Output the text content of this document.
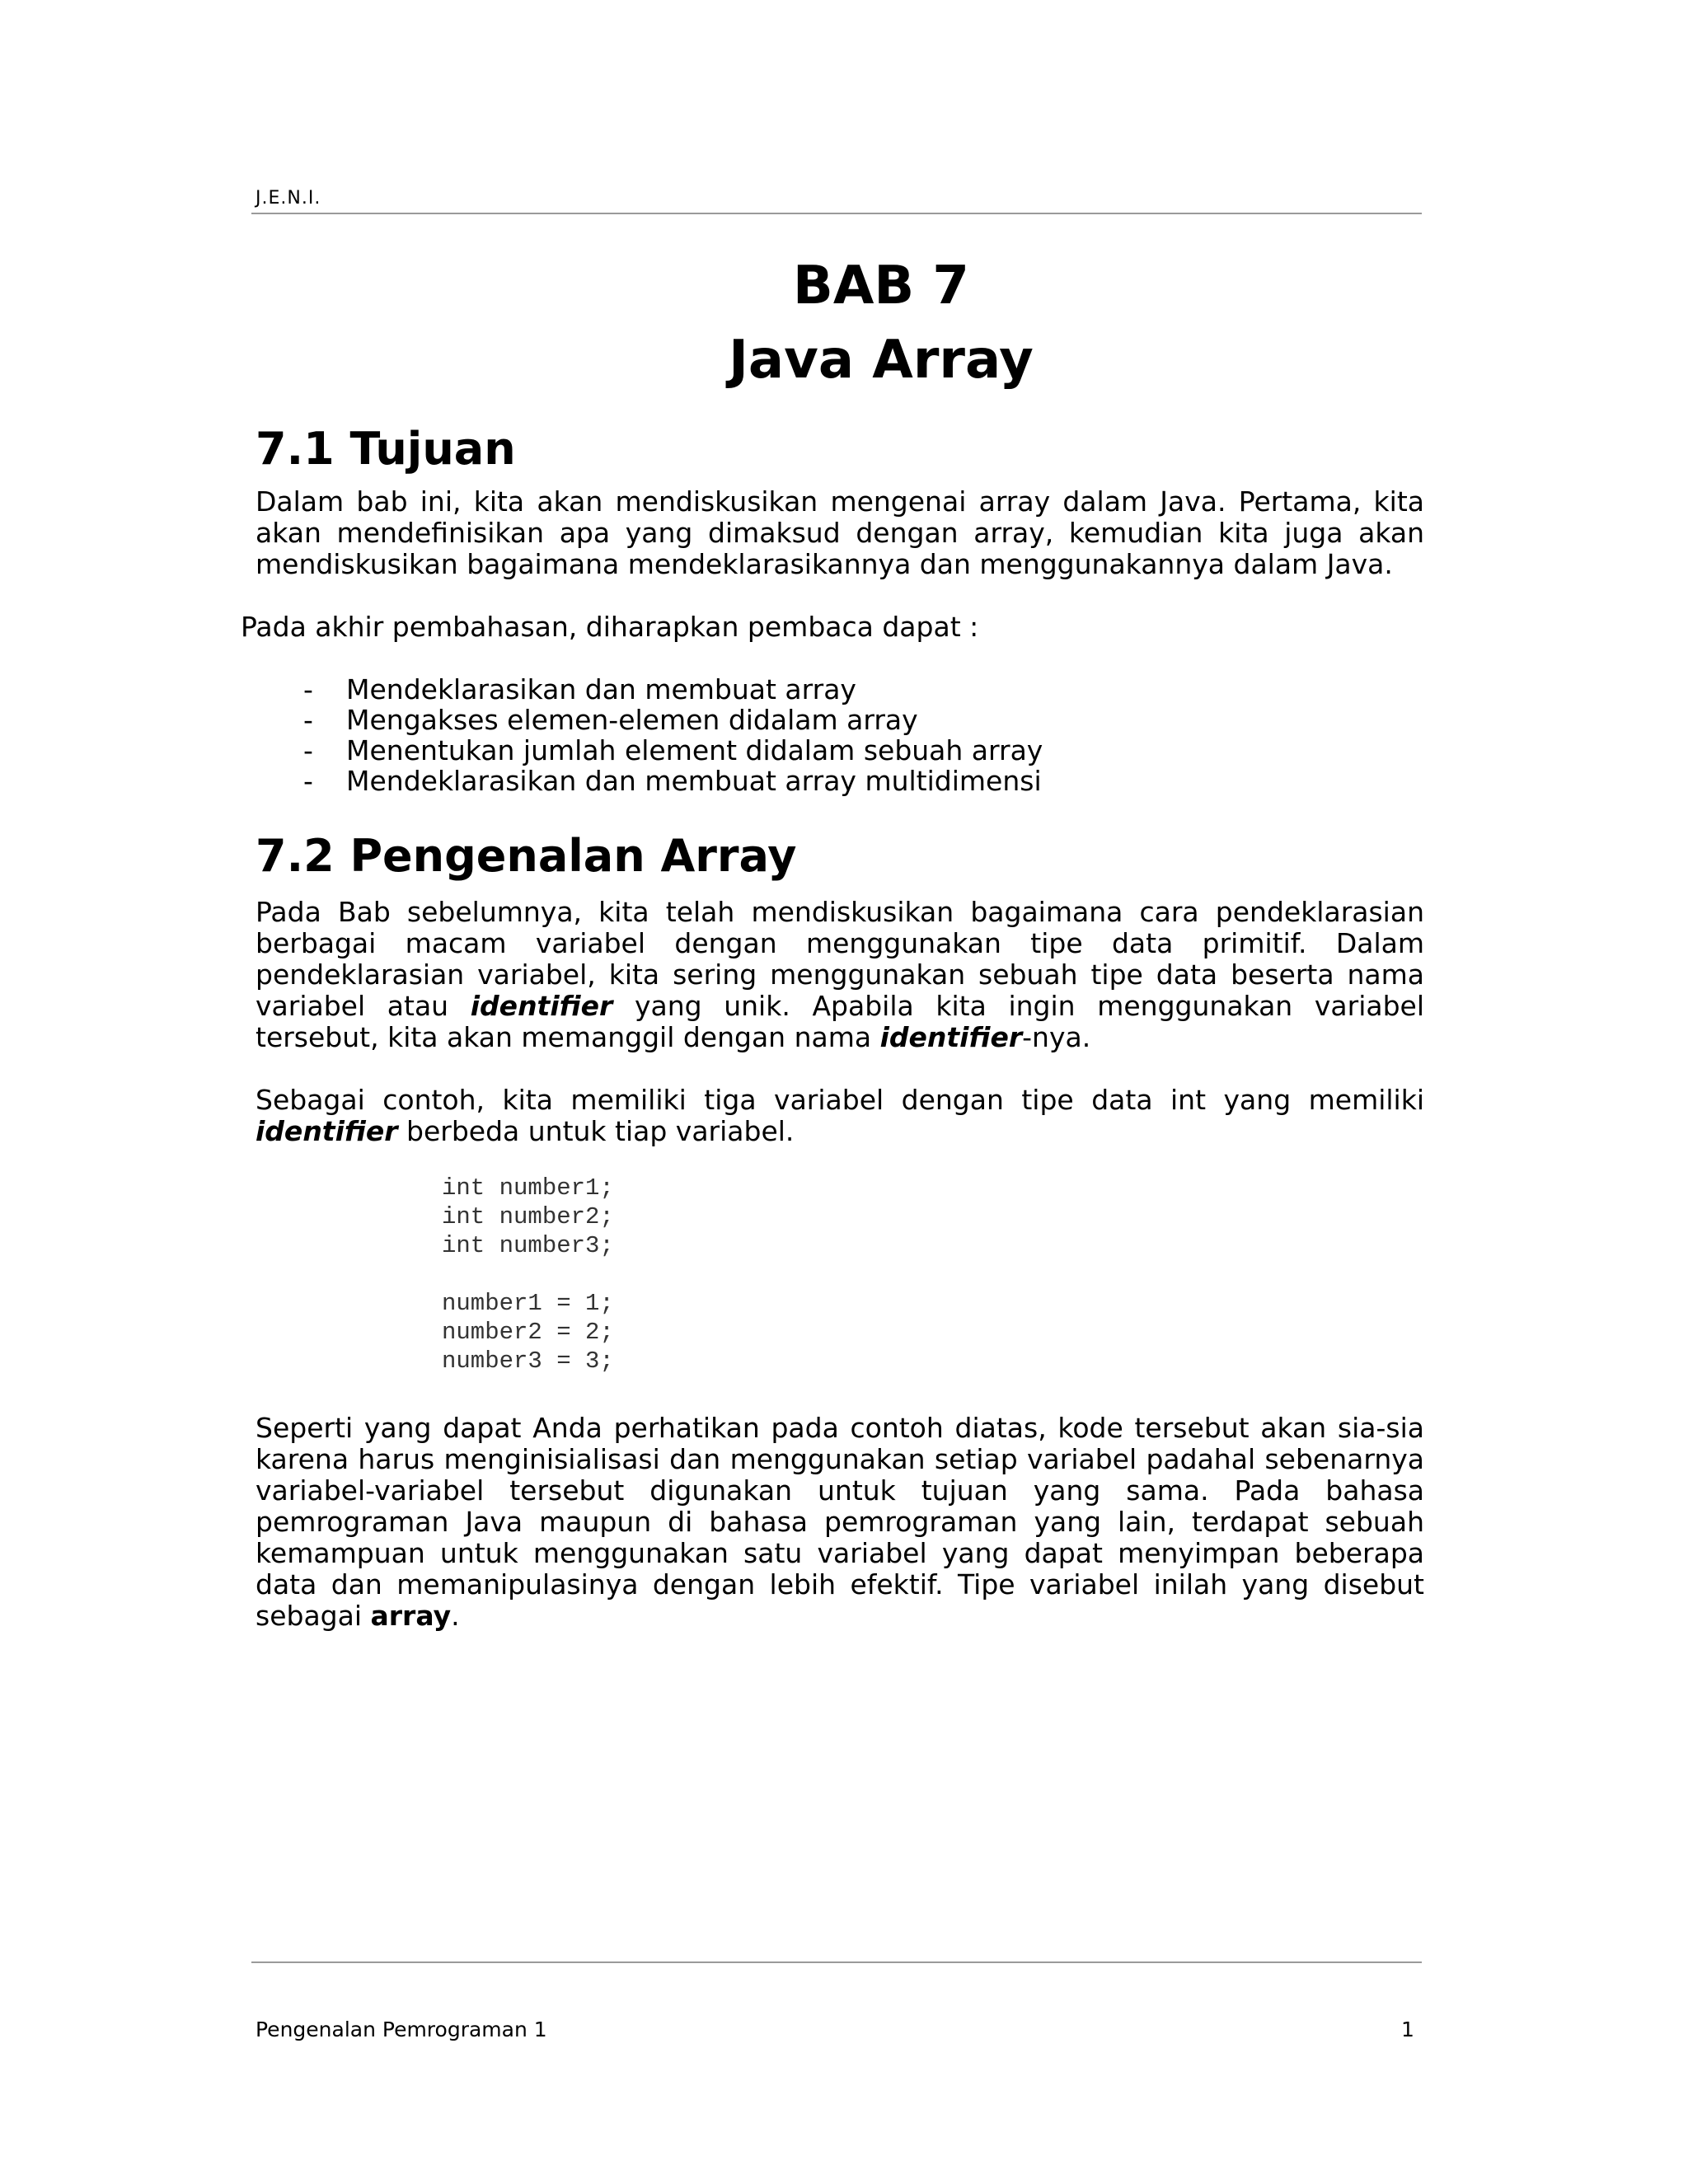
J.E.N.I.
BAB 7
Java Array
7.1 Tujuan
Dalam bab ini, kita akan mendiskusikan mengenai array dalam Java. Pertama, kita akan mendefinisikan apa yang dimaksud dengan array, kemudian kita juga akan mendiskusikan bagaimana mendeklarasikannya dan menggunakannya dalam Java.
Pada akhir pembahasan, diharapkan pembaca dapat :
- Mendeklarasikan dan membuat array
- Mengakses elemen-elemen didalam array
- Menentukan jumlah element didalam sebuah array
- Mendeklarasikan dan membuat array multidimensi
7.2 Pengenalan Array
Pada Bab sebelumnya, kita telah mendiskusikan bagaimana cara pendeklarasian berbagai macam variabel dengan menggunakan tipe data primitif. Dalam pendeklarasian variabel, kita sering menggunakan sebuah tipe data beserta nama variabel atau identifier yang unik. Apabila kita ingin menggunakan variabel tersebut, kita akan memanggil dengan nama identifier-nya.
Sebagai contoh, kita memiliki tiga variabel dengan tipe data int yang memiliki identifier berbeda untuk tiap variabel.
int number1;
int number2;
int number3;

number1 = 1;
number2 = 2;
number3 = 3;
Seperti yang dapat Anda perhatikan pada contoh diatas, kode tersebut akan sia-sia karena harus menginisialisasi dan menggunakan setiap variabel padahal sebenarnya variabel-variabel tersebut digunakan untuk tujuan yang sama. Pada bahasa pemrograman Java maupun di bahasa pemrograman yang lain, terdapat sebuah kemampuan untuk menggunakan satu variabel yang dapat menyimpan beberapa data dan memanipulasinya dengan lebih efektif. Tipe variabel inilah yang disebut sebagai array.
Pengenalan Pemrograman 1	1
